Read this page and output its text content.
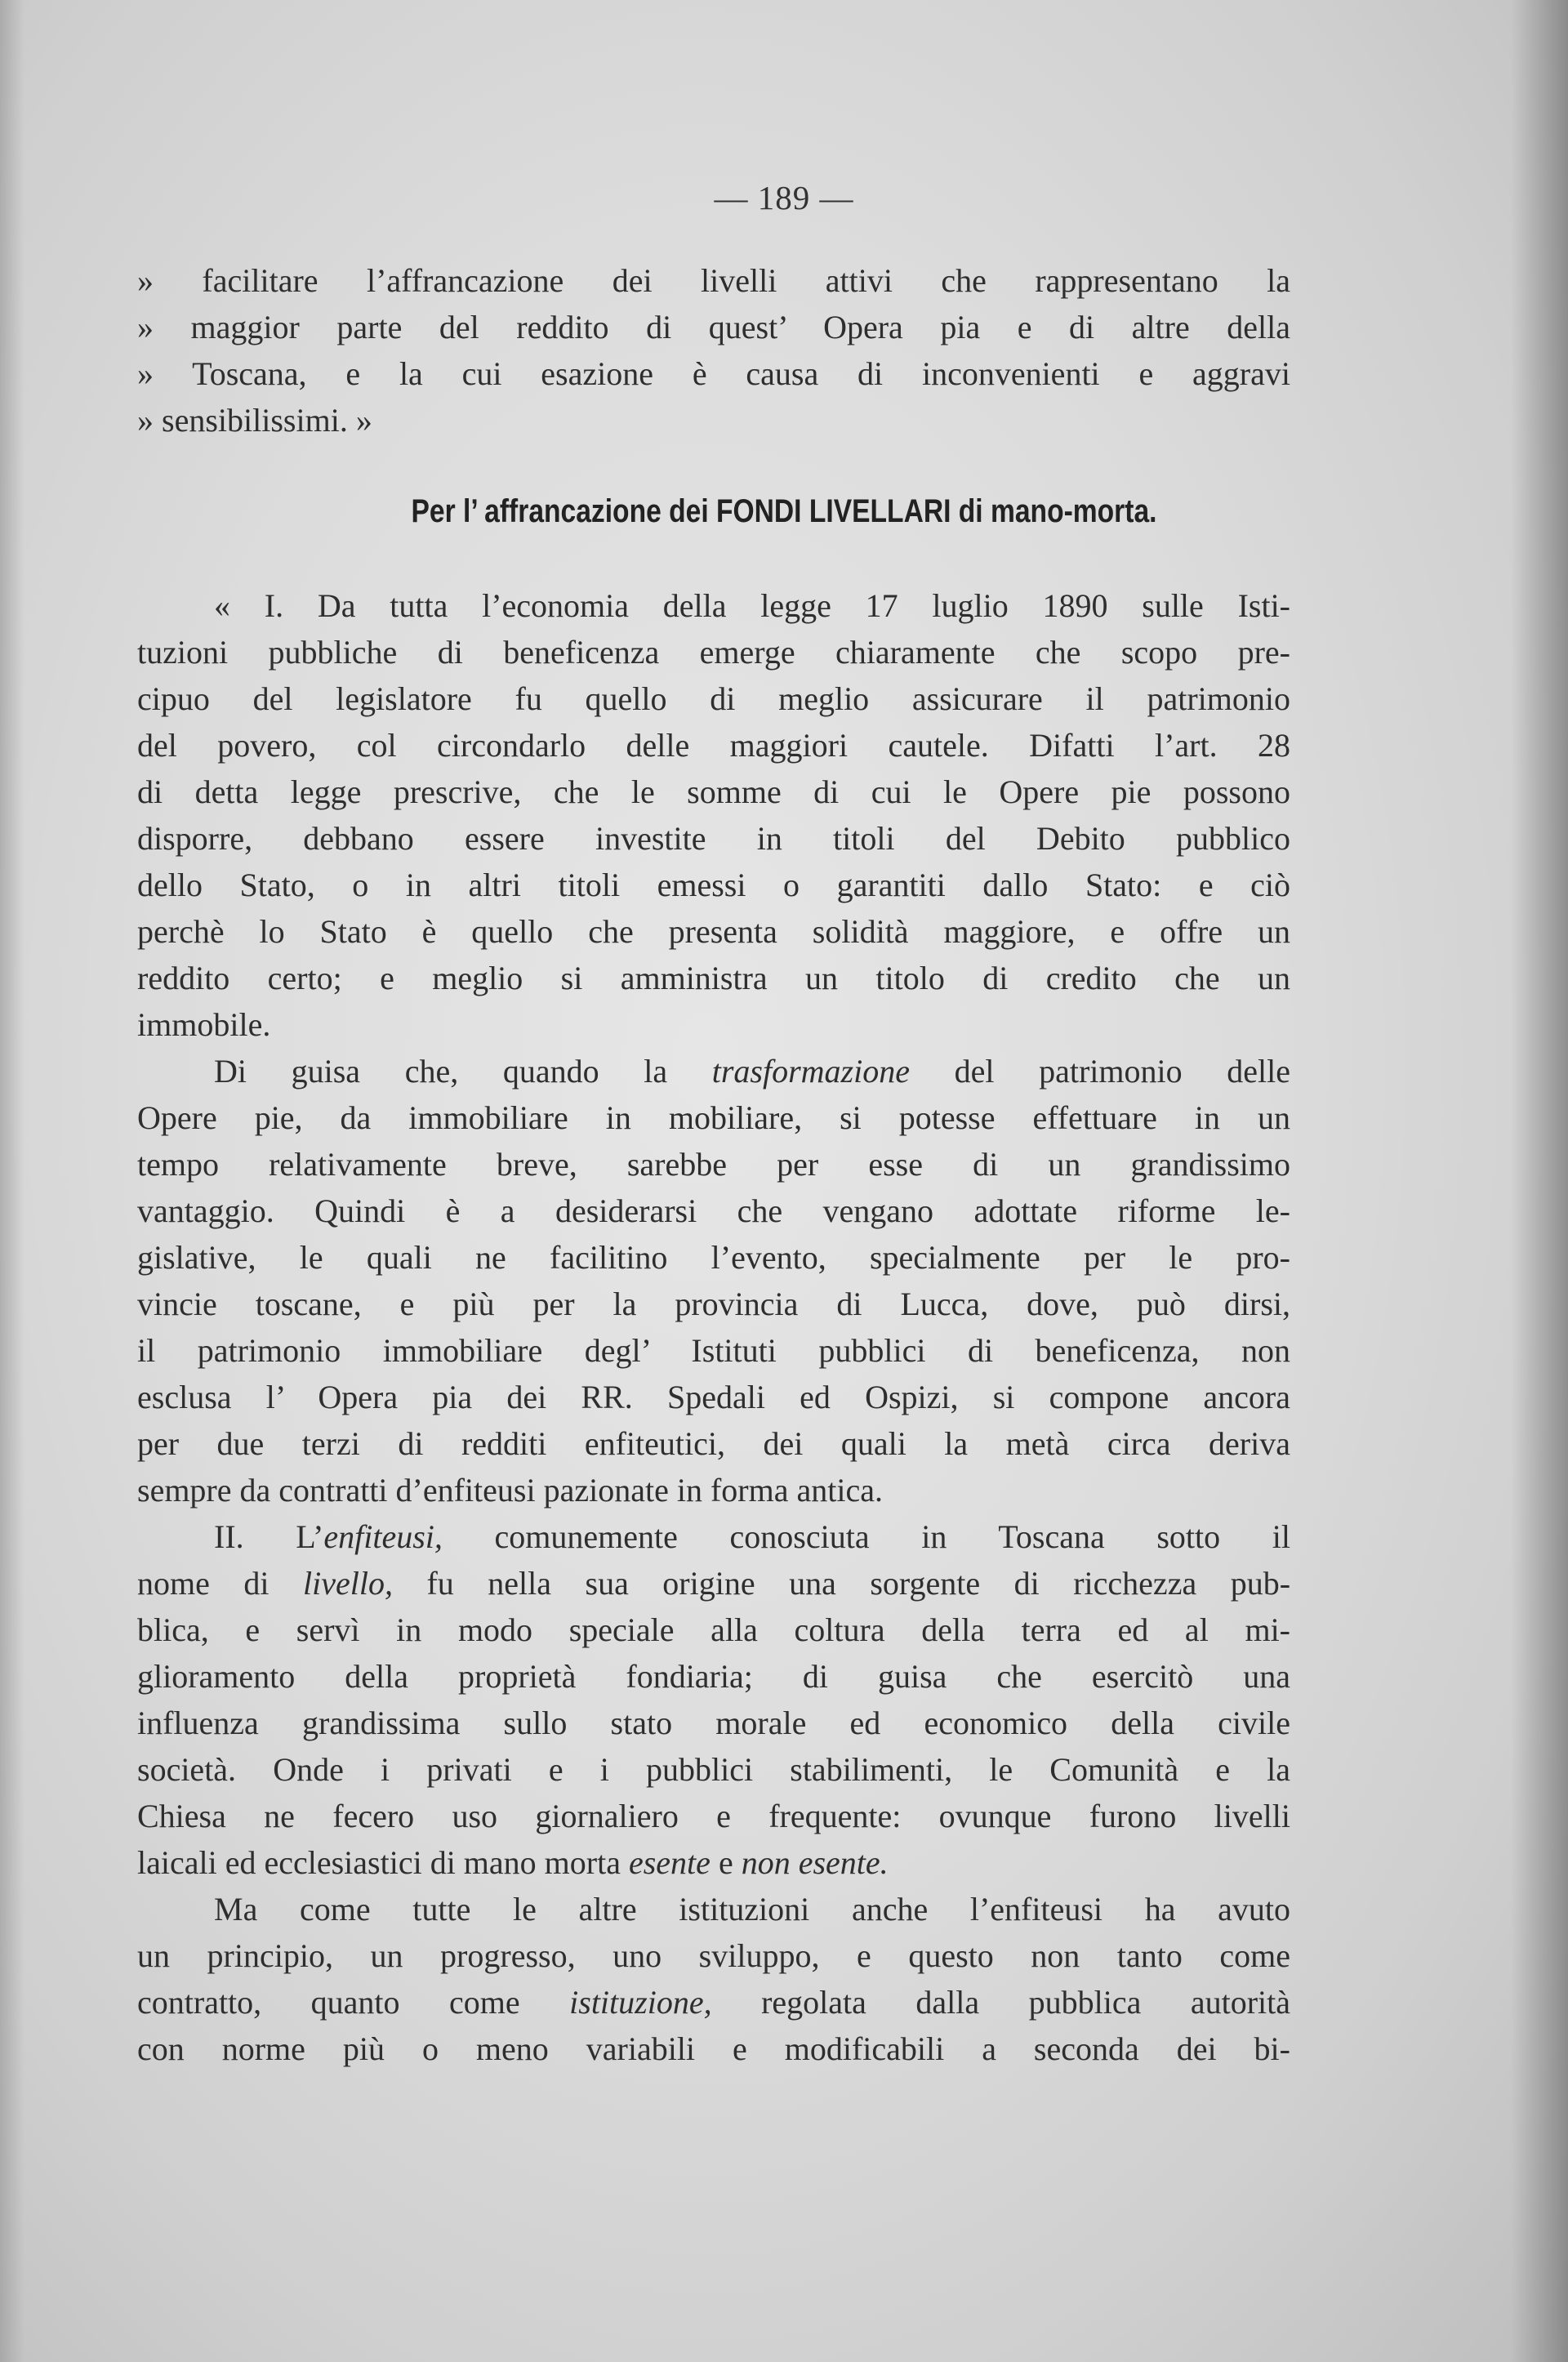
— 189 —
» facilitare l’affrancazione dei livelli attivi che rappresentano la
» maggior parte del reddito di quest’ Opera pia e di altre della
» Toscana, e la cui esazione è causa di inconvenienti e aggravi
» sensibilissimi. »
Per l’ affrancazione dei FONDI LIVELLARI di mano-morta.
« I. Da tutta l’economia della legge 17 luglio 1890 sulle Isti-
tuzioni pubbliche di beneficenza emerge chiaramente che scopo pre-
cipuo del legislatore fu quello di meglio assicurare il patrimonio
del povero, col circondarlo delle maggiori cautele. Difatti l’art. 28
di detta legge prescrive, che le somme di cui le Opere pie possono
disporre, debbano essere investite in titoli del Debito pubblico
dello Stato, o in altri titoli emessi o garantiti dallo Stato: e ciò
perchè lo Stato è quello che presenta solidità maggiore, e offre un
reddito certo; e meglio si amministra un titolo di credito che un
immobile.
Di guisa che, quando la trasformazione del patrimonio delle
Opere pie, da immobiliare in mobiliare, si potesse effettuare in un
tempo relativamente breve, sarebbe per esse di un grandissimo
vantaggio. Quindi è a desiderarsi che vengano adottate riforme le-
gislative, le quali ne facilitino l’evento, specialmente per le pro-
vincie toscane, e più per la provincia di Lucca, dove, può dirsi,
il patrimonio immobiliare degl’ Istituti pubblici di beneficenza, non
esclusa l’ Opera pia dei RR. Spedali ed Ospizi, si compone ancora
per due terzi di redditi enfiteutici, dei quali la metà circa deriva
sempre da contratti d’enfiteusi pazionate in forma antica.
II. L’enfiteusi, comunemente conosciuta in Toscana sotto il
nome di livello, fu nella sua origine una sorgente di ricchezza pub-
blica, e servì in modo speciale alla coltura della terra ed al mi-
glioramento della proprietà fondiaria; di guisa che esercitò una
influenza grandissima sullo stato morale ed economico della civile
società. Onde i privati e i pubblici stabilimenti, le Comunità e la
Chiesa ne fecero uso giornaliero e frequente: ovunque furono livelli
laicali ed ecclesiastici di mano morta esente e non esente.
Ma come tutte le altre istituzioni anche l’enfiteusi ha avuto
un principio, un progresso, uno sviluppo, e questo non tanto come
contratto, quanto come istituzione, regolata dalla pubblica autorità
con norme più o meno variabili e modificabili a seconda dei bi-
